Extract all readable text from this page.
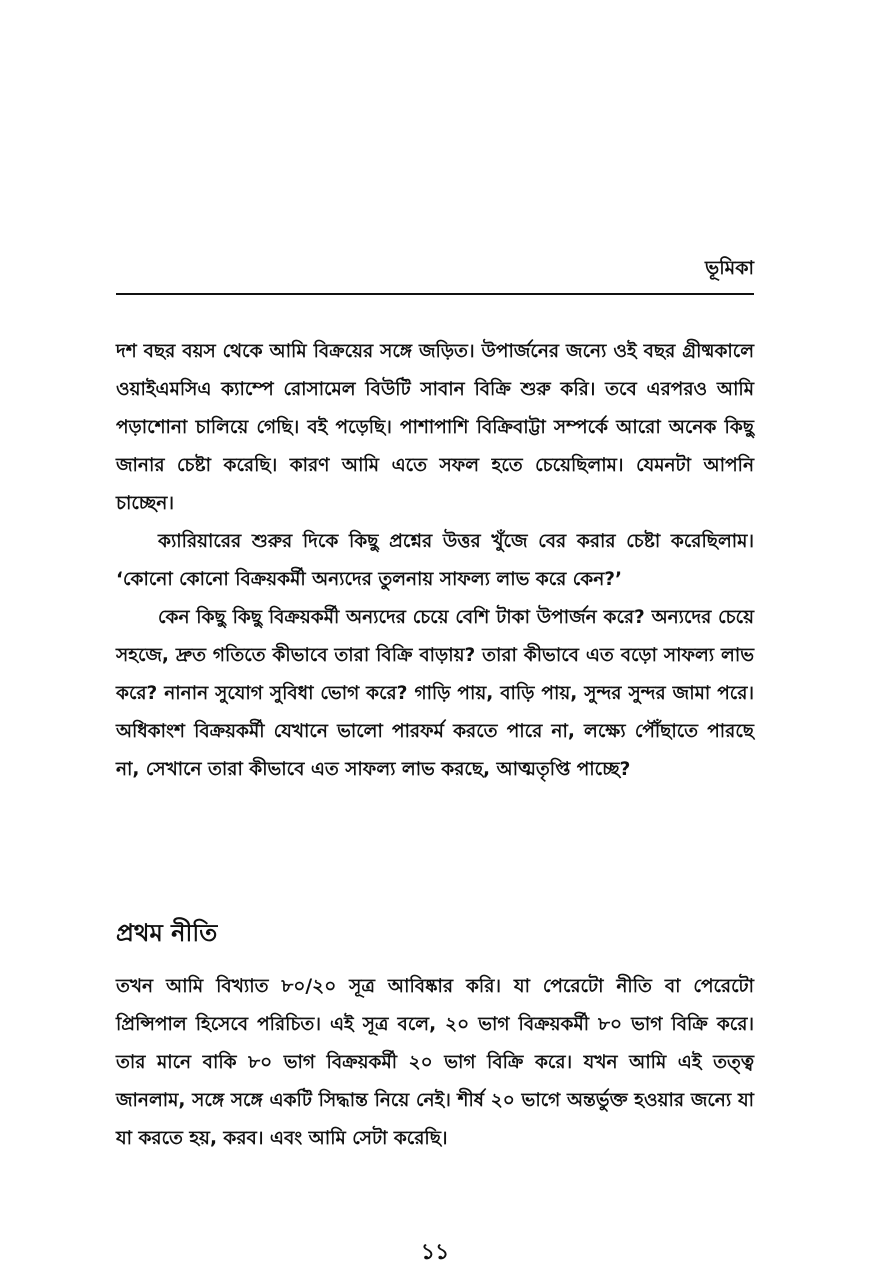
ভূমিকা

দশ বছর বয়স থেকে আমি বিক্রয়ের সঙ্গে জড়িত। উপার্জনের জন্যে ওই বছর গ্রীষ্মকালে ওয়াইএমসিএ ক্যাম্পে রোসামেল বিউটি সাবান বিক্রি শুরু করি। তবে এরপরও আমি পড়াশোনা চালিয়ে গেছি। বই পড়েছি। পাশাপাশি বিক্রিবাট্টা সম্পর্কে আরো অনেক কিছু জানার চেষ্টা করেছি। কারণ আমি এতে সফল হতে চেয়েছিলাম। যেমনটা আপনি চাচ্ছেন।

ক্যারিয়ারের শুরুর দিকে কিছু প্রশ্নের উত্তর খুঁজে বের করার চেষ্টা করেছিলাম। ‘কোনো কোনো বিক্রয়কর্মী অন্যদের তুলনায় সাফল্য লাভ করে কেন?’

কেন কিছু কিছু বিক্রয়কর্মী অন্যদের চেয়ে বেশি টাকা উপার্জন করে? অন্যদের চেয়ে সহজে, দ্রুত গতিতে কীভাবে তারা বিক্রি বাড়ায়? তারা কীভাবে এত বড়ো সাফল্য লাভ করে? নানান সুযোগ সুবিধা ভোগ করে? গাড়ি পায়, বাড়ি পায়, সুন্দর সুন্দর জামা পরে। অধিকাংশ বিক্রয়কর্মী যেখানে ভালো পারফর্ম করতে পারে না, লক্ষ্যে পৌঁছাতে পারছে না, সেখানে তারা কীভাবে এত সাফল্য লাভ করছে, আত্মতৃপ্তি পাচ্ছে?

প্রথম নীতি

তখন আমি বিখ্যাত ৮০/২০ সূত্র আবিষ্কার করি। যা পেরেটো নীতি বা পেরেটো প্রিন্সিপাল হিসেবে পরিচিত। এই সূত্র বলে, ২০ ভাগ বিক্রয়কর্মী ৮০ ভাগ বিক্রি করে। তার মানে বাকি ৮০ ভাগ বিক্রয়কর্মী ২০ ভাগ বিক্রি করে। যখন আমি এই তত্ত্ব জানলাম, সঙ্গে সঙ্গে একটি সিদ্ধান্ত নিয়ে নেই। শীর্ষ ২০ ভাগে অন্তর্ভুক্ত হওয়ার জন্যে যা যা করতে হয়, করব। এবং আমি সেটা করেছি।

১১
